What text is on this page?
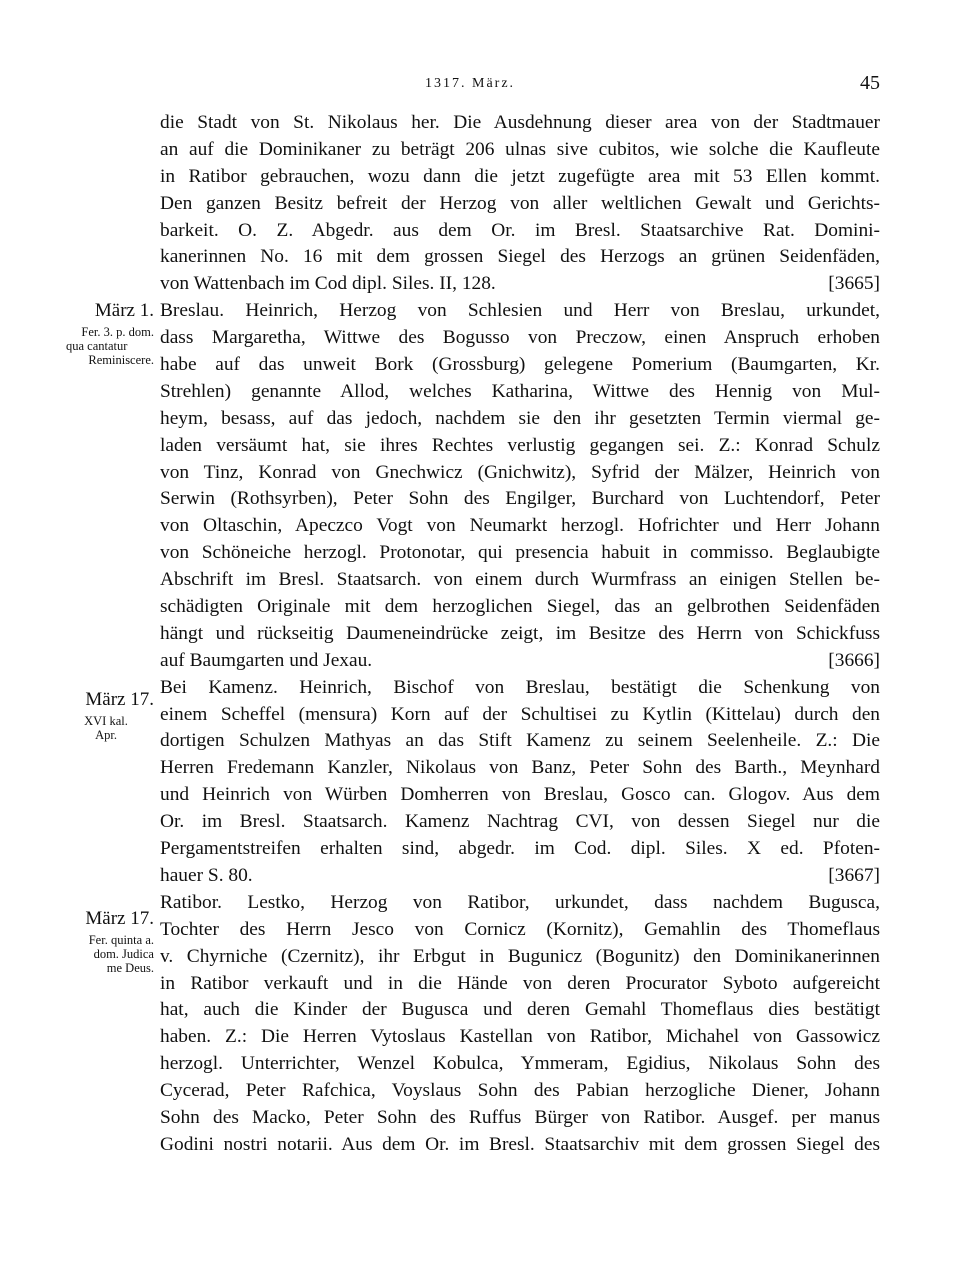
1317. März.	45
März 1.
Fer. 3. p. dom.
qua cantatur
Reminiscere.
März 17.
XVI kal.
Apr.
März 17.
Fer. quinta a.
dom. Judica
me Deus.
die Stadt von St. Nikolaus her. Die Ausdehnung dieser area von der Stadtmauer
an auf die Dominikaner zu beträgt 206 ulnas sive cubitos, wie solche die Kaufleute
in Ratibor gebrauchen, wozu dann die jetzt zugefügte area mit 53 Ellen kommt.
Den ganzen Besitz befreit der Herzog von aller weltlichen Gewalt und Gerichts-
barkeit. O. Z. Abgedr. aus dem Or. im Bresl. Staatsarchive Rat. Domini-
kanerinnen No. 16 mit dem grossen Siegel des Herzogs an grünen Seidenfäden,
von Wattenbach im Cod dipl. Siles. II, 128.	[3665]
Breslau. Heinrich, Herzog von Schlesien und Herr von Breslau, urkundet,
dass Margaretha, Wittwe des Bogusso von Preczow, einen Anspruch erhoben
habe auf das unweit Bork (Grossburg) gelegene Pomerium (Baumgarten, Kr.
Strehlen) genannte Allod, welches Katharina, Wittwe des Hennig von Mul-
heym, besass, auf das jedoch, nachdem sie den ihr gesetzten Termin viermal ge-
laden versäumt hat, sie ihres Rechtes verlustig gegangen sei. Z.: Konrad Schulz
von Tinz, Konrad von Gnechwicz (Gnichwitz), Syfrid der Mälzer, Heinrich von
Serwin (Rothsyrben), Peter Sohn des Engilger, Burchard von Luchtendorf, Peter
von Oltaschin, Apeczco Vogt von Neumarkt herzogl. Hofrichter und Herr Johann
von Schöneiche herzogl. Protonotar, qui presencia habuit in commisso. Beglaubigte
Abschrift im Bresl. Staatsarch. von einem durch Wurmfrass an einigen Stellen be-
schädigten Originale mit dem herzoglichen Siegel, das an gelbrothen Seidenfäden
hängt und rückseitig Daumeneindrücke zeigt, im Besitze des Herrn von Schickfuss
auf Baumgarten und Jexau.	[3666]
Bei Kamenz. Heinrich, Bischof von Breslau, bestätigt die Schenkung von
einem Scheffel (mensura) Korn auf der Schultisei zu Kytlin (Kittelau) durch den
dortigen Schulzen Mathyas an das Stift Kamenz zu seinem Seelenheile. Z.: Die
Herren Fredemann Kanzler, Nikolaus von Banz, Peter Sohn des Barth., Meynhard
und Heinrich von Würben Domherren von Breslau, Gosco can. Glogov. Aus dem
Or. im Bresl. Staatsarch. Kamenz Nachtrag CVI, von dessen Siegel nur die
Pergamentstreifen erhalten sind, abgedr. im Cod. dipl. Siles. X ed. Pfoten-
hauer S. 80.	[3667]
Ratibor. Lestko, Herzog von Ratibor, urkundet, dass nachdem Bugusca,
Tochter des Herrn Jesco von Cornicz (Kornitz), Gemahlin des Thomeflaus
v. Chyrniche (Czernitz), ihr Erbgut in Bugunicz (Bogunitz) den Dominikanerinnen
in Ratibor verkauft und in die Hände von deren Procurator Syboto aufgereicht
hat, auch die Kinder der Bugusca und deren Gemahl Thomeflaus dies bestätigt
haben. Z.: Die Herren Vytoslaus Kastellan von Ratibor, Michahel von Gassowicz
herzogl. Unterrichter, Wenzel Kobulca, Ymmeram, Egidius, Nikolaus Sohn des
Cycerad, Peter Rafchica, Voyslaus Sohn des Pabian herzogliche Diener, Johann
Sohn des Macko, Peter Sohn des Ruffus Bürger von Ratibor. Ausgef. per manus
Godini nostri notarii. Aus dem Or. im Bresl. Staatsarchiv mit dem grossen Siegel des
